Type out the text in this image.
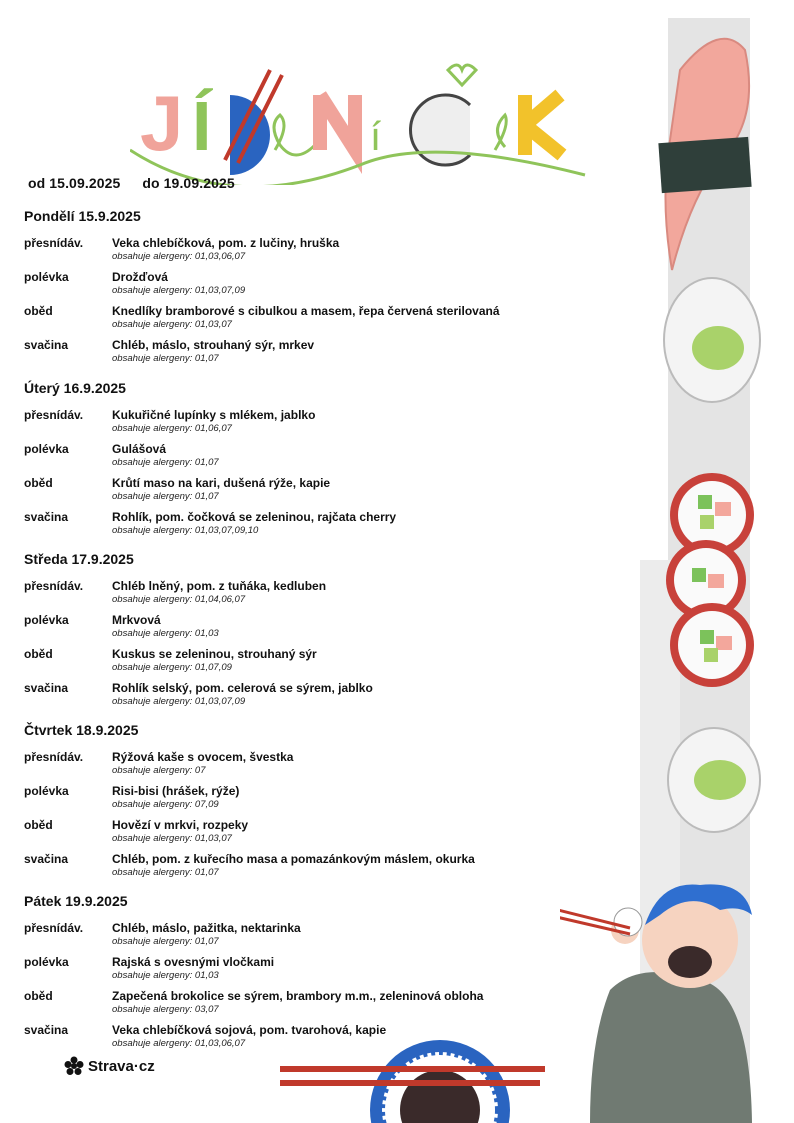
J Í	í
od 15.09.2025 do 19.09.2025
Pondělí 15.9.2025
přesnídáv. Veka chlebíčková, pom. z lučiny, hruška
obsahuje alergeny: 01,03,06,07
polévka	Drožďová
obsahuje alergeny: 01,03,07,09
oběd	Knedlíky bramborové s cibulkou a masem, řepa červená sterilovaná
obsahuje alergeny: 01,03,07
svačina	Chléb, máslo, strouhaný sýr, mrkev
obsahuje alergeny: 01,07
Úterý 16.9.2025
přesnídáv. Kukuřičné lupínky s mlékem, jablko
obsahuje alergeny: 01,06,07
polévka	Gulášová
obsahuje alergeny: 01,07
oběd	Krůtí maso na kari, dušená rýže, kapie
obsahuje alergeny: 01,07
svačina	Rohlík, pom. čočková se zeleninou, rajčata cherry
obsahuje alergeny: 01,03,07,09,10
Středa 17.9.2025
přesnídáv. Chléb lněný, pom. z tuňáka, kedluben
obsahuje alergeny: 01,04,06,07
polévka	Mrkvová
obsahuje alergeny: 01,03
oběd	Kuskus se zeleninou, strouhaný sýr
obsahuje alergeny: 01,07,09
svačina	Rohlík selský, pom. celerová se sýrem, jablko
obsahuje alergeny: 01,03,07,09
Čtvrtek 18.9.2025
přesnídáv. Rýžová kaše s ovocem, švestka
obsahuje alergeny: 07
polévka	Risi-bisi (hrášek, rýže)
obsahuje alergeny: 07,09
oběd	Hovězí v mrkvi, rozpeky
obsahuje alergeny: 01,03,07
svačina	Chléb, pom. z kuřecího masa a pomazánkovým máslem, okurka
obsahuje alergeny: 01,07
Pátek 19.9.2025
přesnídáv. Chléb, máslo, pažitka, nektarinka
obsahuje alergeny: 01,07
polévka	Rajská s ovesnými vločkami
obsahuje alergeny: 01,03
oběd	Zapečená brokolice se sýrem, brambory m.m., zeleninová obloha
obsahuje alergeny: 03,07
svačina	Veka chlebíčková sojová, pom. tvarohová, kapie
obsahuje alergeny: 01,03,06,07
Strava·cz
